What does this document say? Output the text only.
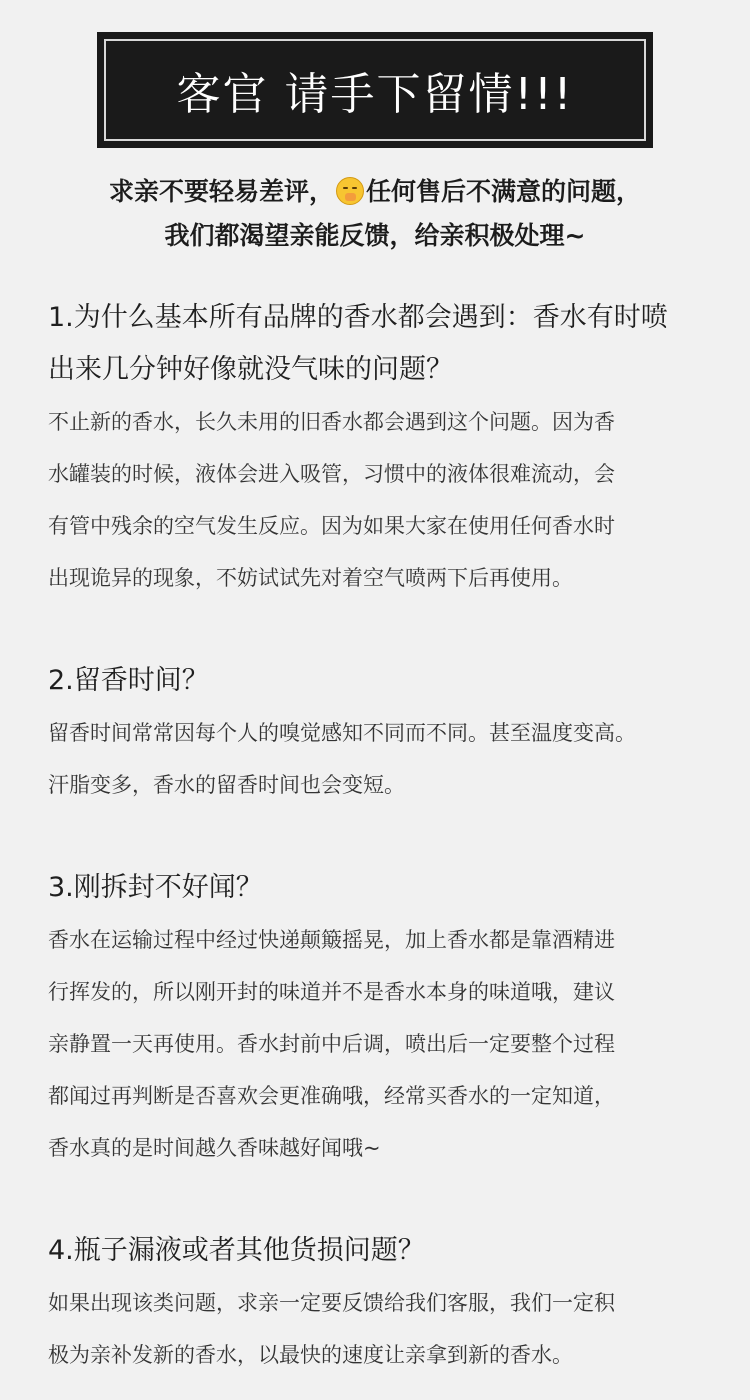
客官 请手下留情!!!
求亲不要轻易差评， 任何售后不满意的问题，
我们都渴望亲能反馈，给亲积极处理~

1.为什么基本所有品牌的香水都会遇到：香水有时喷

出来几分钟好像就没气味的问题？

不止新的香水，长久未用的旧香水都会遇到这个问题。因为香

水罐装的时候，液体会进入吸管，习惯中的液体很难流动，会

有管中残余的空气发生反应。因为如果大家在使用任何香水时

出现诡异的现象，不妨试试先对着空气喷两下后再使用。

2.留香时间？

留香时间常常因每个人的嗅觉感知不同而不同。甚至温度变高。

汗脂变多，香水的留香时间也会变短。

3.刚拆封不好闻？

香水在运输过程中经过快递颠簸摇晃，加上香水都是靠酒精进

行挥发的，所以刚开封的味道并不是香水本身的味道哦，建议

亲静置一天再使用。香水封前中后调，喷出后一定要整个过程

都闻过再判断是否喜欢会更准确哦，经常买香水的一定知道，

香水真的是时间越久香味越好闻哦~

4.瓶子漏液或者其他货损问题？

如果出现该类问题，求亲一定要反馈给我们客服，我们一定积

极为亲补发新的香水，以最快的速度让亲拿到新的香水。
